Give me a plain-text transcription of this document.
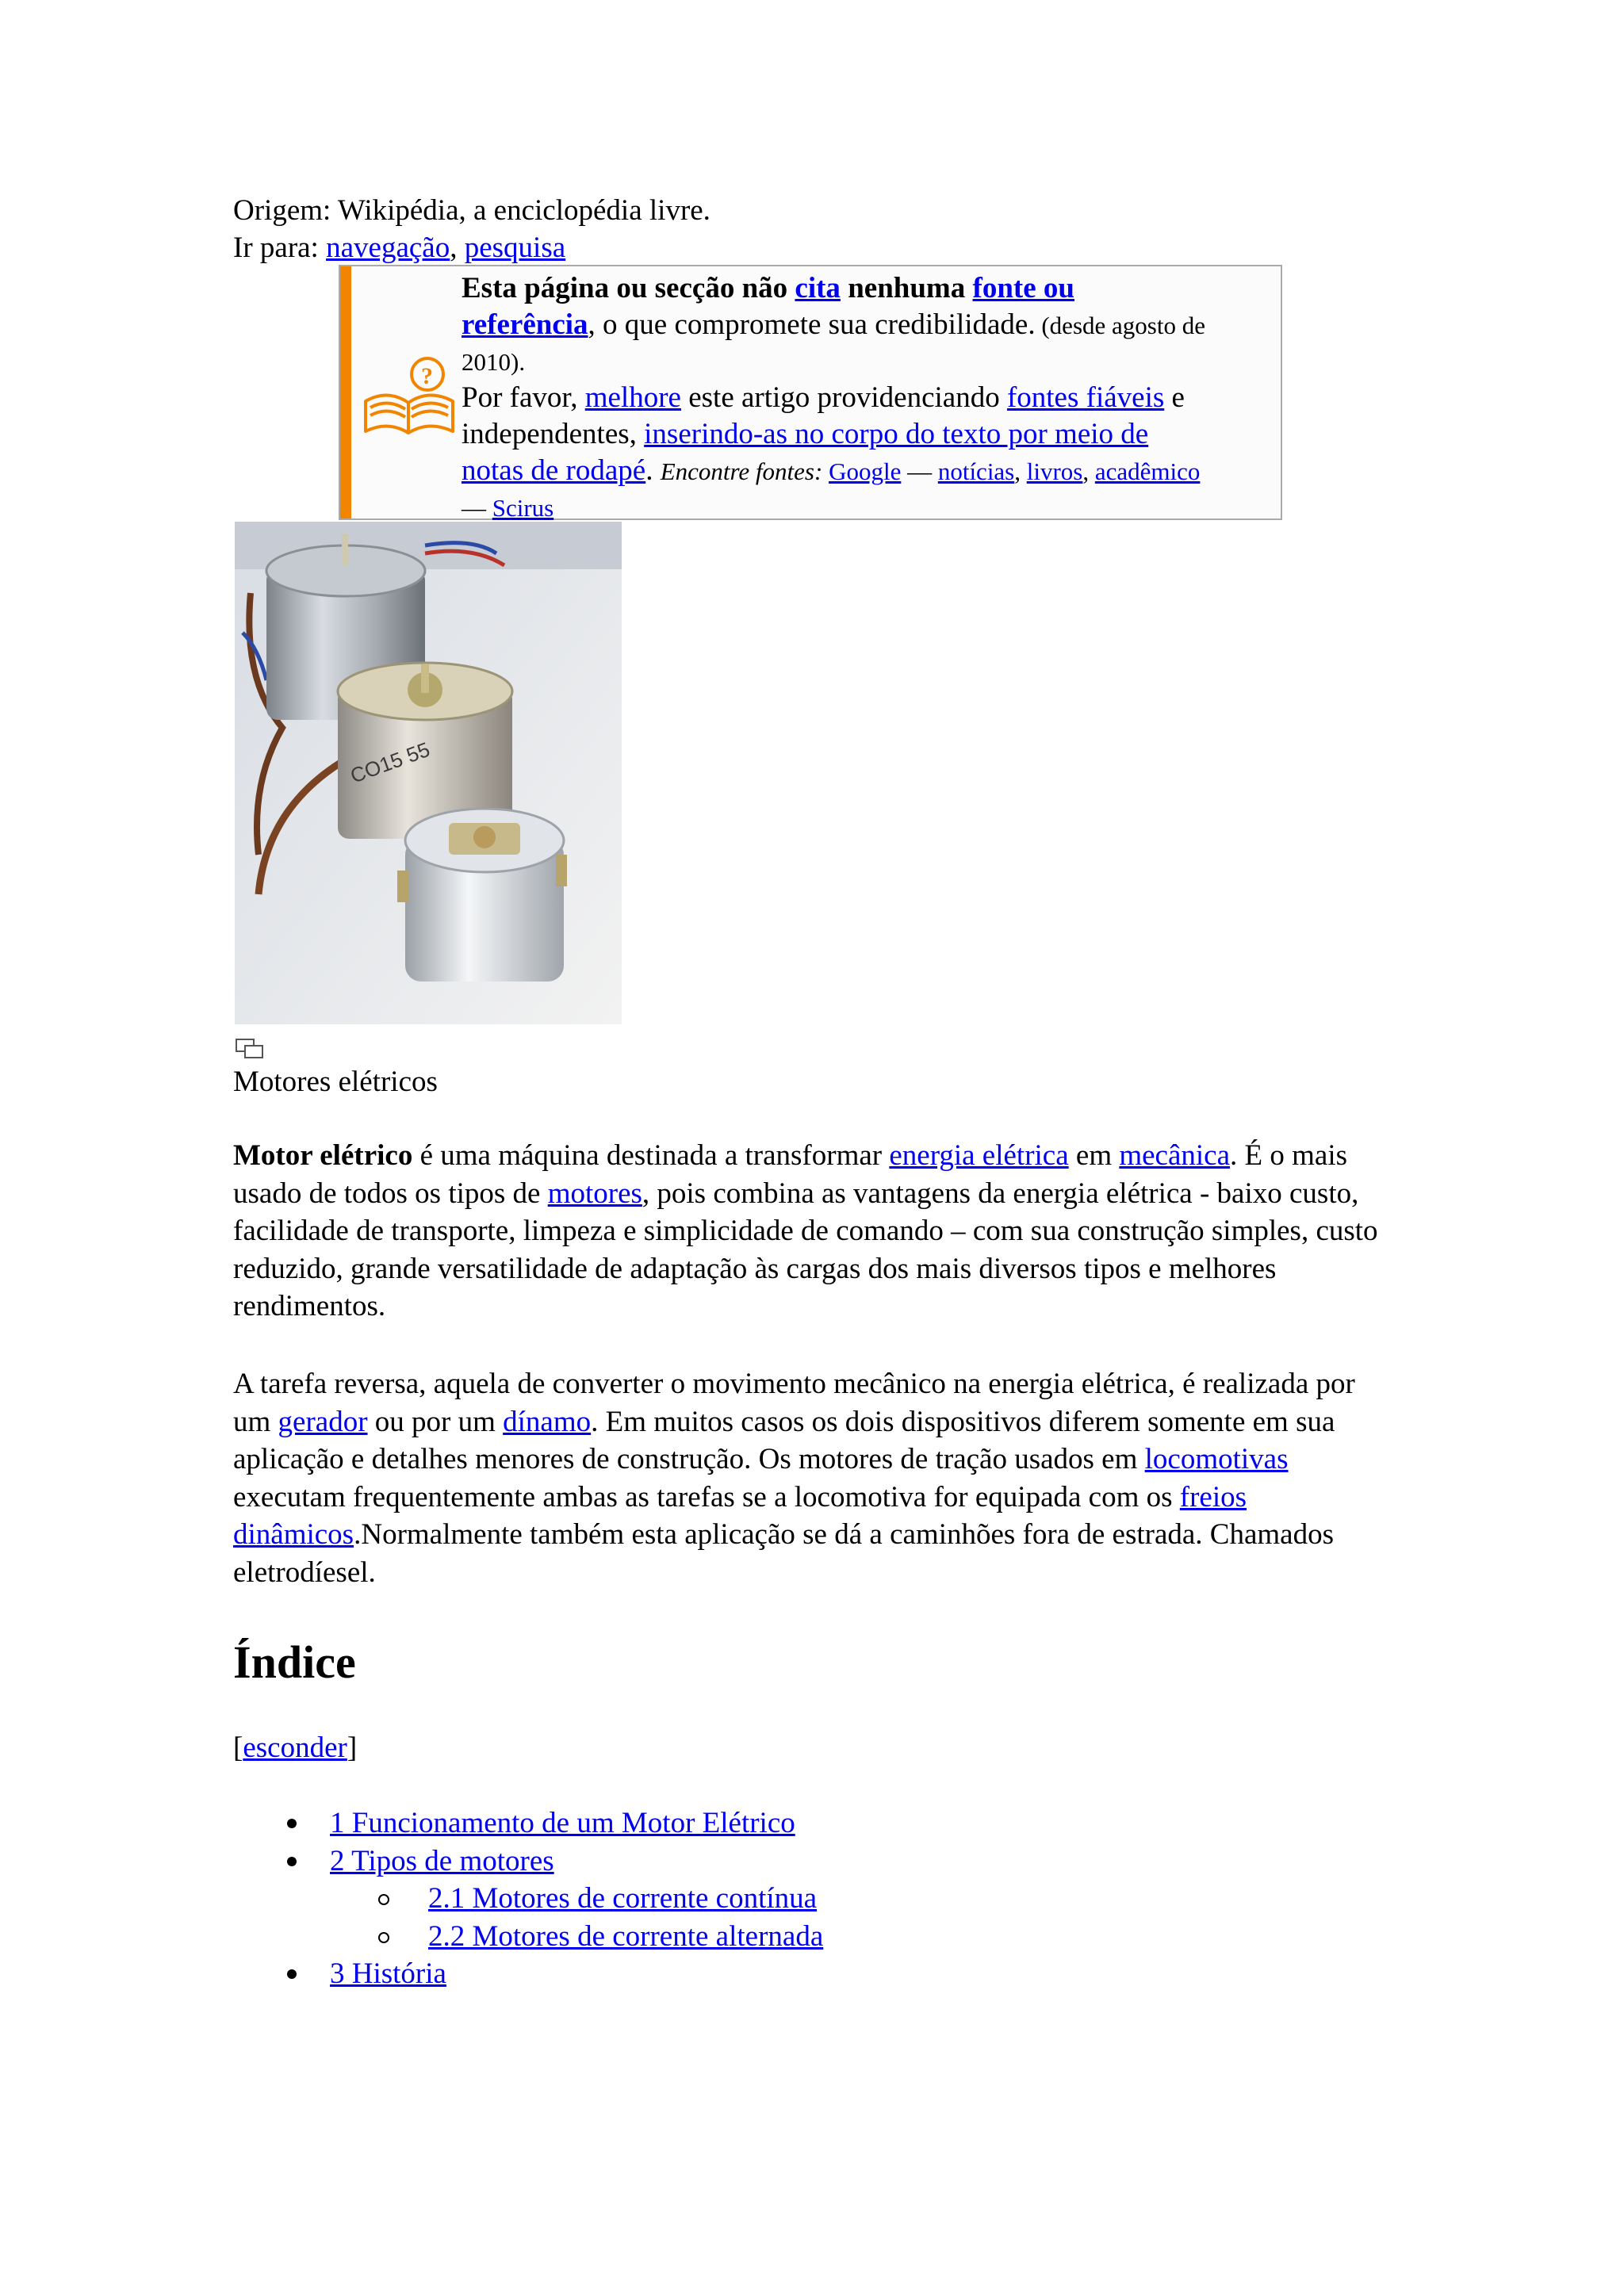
Origem: Wikipédia, a enciclopédia livre.
Ir para: navegação, pesquisa
?
Esta página ou secção não cita nenhuma fonte ou referência, o que compromete sua credibilidade. (desde agosto de 2010).
Por favor, melhore este artigo providenciando fontes fiáveis e independentes, inserindo-as no corpo do texto por meio de notas de rodapé. Encontre fontes: Google — notícias, livros, acadêmico — Scirus
CO15 55
Motores elétricos
Motor elétrico é uma máquina destinada a transformar energia elétrica em mecânica. É o mais usado de todos os tipos de motores, pois combina as vantagens da energia elétrica - baixo custo, facilidade de transporte, limpeza e simplicidade de comando – com sua construção simples, custo reduzido, grande versatilidade de adaptação às cargas dos mais diversos tipos e melhores rendimentos.
A tarefa reversa, aquela de converter o movimento mecânico na energia elétrica, é realizada por um gerador ou por um dínamo. Em muitos casos os dois dispositivos diferem somente em sua aplicação e detalhes menores de construção. Os motores de tração usados em locomotivas executam frequentemente ambas as tarefas se a locomotiva for equipada com os freios dinâmicos.Normalmente também esta aplicação se dá a caminhões fora de estrada. Chamados eletrodíesel.
Índice
[esconder]
1 Funcionamento de um Motor Elétrico
2 Tipos de motores
2.1 Motores de corrente contínua
2.2 Motores de corrente alternada
3 História
